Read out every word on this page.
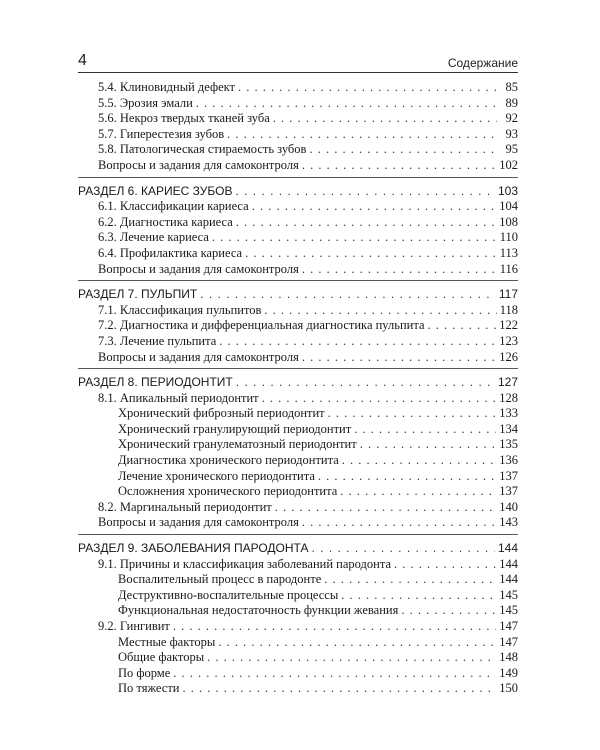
4	Содержание
5.4. Клиновидный дефект . . .	85
5.5. Эрозия эмали . . .	89
5.6. Некроз твердых тканей зуба . . .	92
5.7. Гиперестезия зубов . . .	93
5.8. Патологическая стираемость зубов . . .	95
Вопросы и задания для самоконтроля . . .	102
РАЗДЕЛ 6. КАРИЕС ЗУБОВ . . .	103
6.1. Классификации кариеса . . .	104
6.2. Диагностика кариеса . . .	108
6.3. Лечение кариеса . . .	110
6.4. Профилактика кариеса . . .	113
Вопросы и задания для самоконтроля . . .	116
РАЗДЕЛ 7. ПУЛЬПИТ . . .	117
7.1. Классификация пульпитов . . .	118
7.2. Диагностика и дифференциальная диагностика пульпита . . .	122
7.3. Лечение пульпита . . .	123
Вопросы и задания для самоконтроля . . .	126
РАЗДЕЛ 8. ПЕРИОДОНТИТ . . .	127
8.1. Апикальный периодонтит . . .	128
Хронический фиброзный периодонтит . . .	133
Хронический гранулирующий периодонтит . . .	134
Хронический гранулематозный периодонтит . . .	135
Диагностика хронического периодонтита . . .	136
Лечение хронического периодонтита . . .	137
Осложнения хронического периодонтита . . .	137
8.2. Маргинальный периодонтит . . .	140
Вопросы и задания для самоконтроля . . .	143
РАЗДЕЛ 9. ЗАБОЛЕВАНИЯ ПАРОДОНТА . . .	144
9.1. Причины и классификация заболеваний пародонта . . .	144
Воспалительный процесс в пародонте . . .	144
Деструктивно-воспалительные процессы . . .	145
Функциональная недостаточность функции жевания . . .	145
9.2. Гингивит . . .	147
Местные факторы . . .	147
Общие факторы . . .	148
По форме . . .	149
По тяжести . . .	150
